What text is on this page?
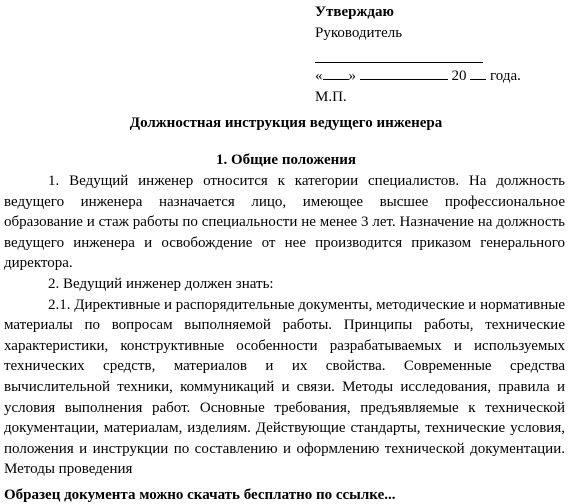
Утверждаю
Руководитель
« »	20 года.
М.П.
Должностная инструкция ведущего инженера
1. Общие положения

1. Ведущий инженер относится к категории специалистов. На должность ведущего инженера назначается лицо, имеющее высшее профессиональное образование и стаж работы по специальности не менее 3 лет. Назначение на должность ведущего инженера и освобождение от нее производится приказом генерального директора.

2. Ведущий инженер должен знать:

2.1. Директивные и распорядительные документы, методические и нормативные материалы по вопросам выполняемой работы. Принципы работы, технические характеристики, конструктивные особенности разрабатываемых и используемых технических средств, материалов и их свойства. Современные средства вычислительной техники, коммуникаций и связи. Методы исследования, правила и условия выполнения работ. Основные требования, предъявляемые к технической документации, материалам, изделиям. Действующие стандарты, технические условия, положения и инструкции по составлению и оформлению технической документации. Методы проведения

Образец документа можно скачать бесплатно по ссылке...
